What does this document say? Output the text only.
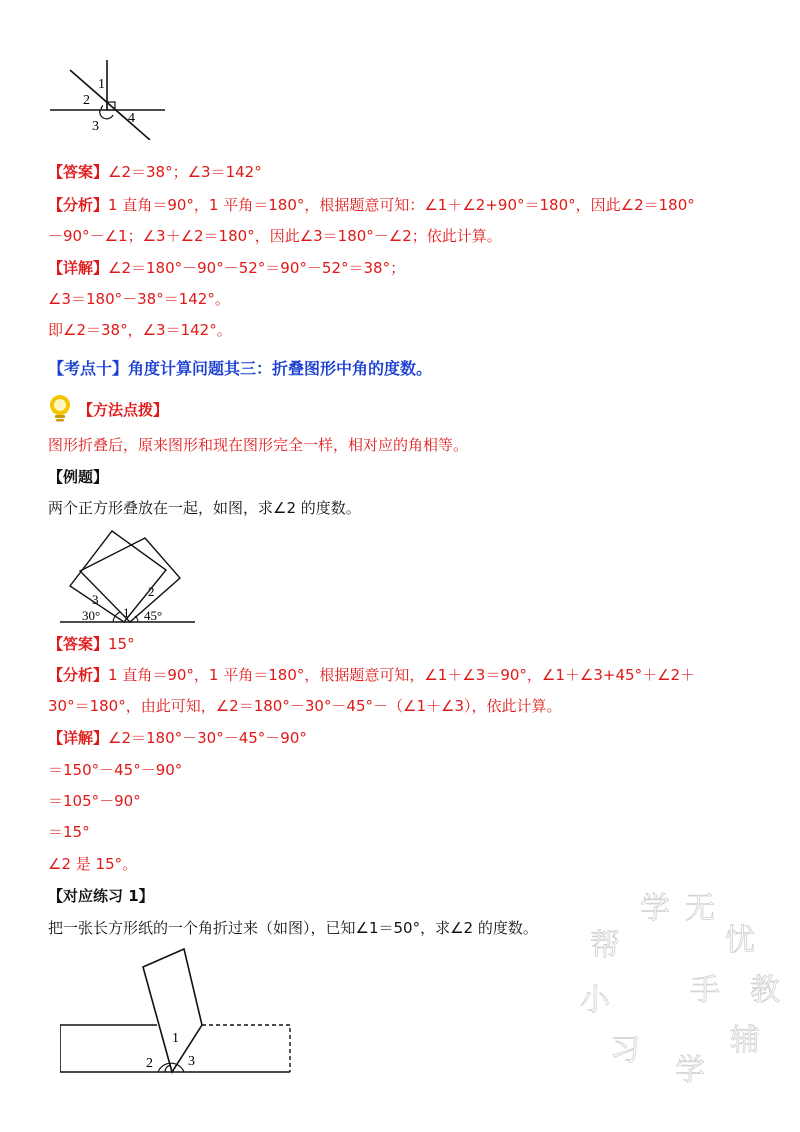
1
2
3
4
【答案】∠2＝38°；∠3＝142°
【分析】1 直角＝90°，1 平角＝180°，根据题意可知：∠1＋∠2+90°＝180°，因此∠2＝180°
－90°－∠1；∠3＋∠2＝180°，因此∠3＝180°－∠2；依此计算。
【详解】∠2＝180°－90°－52°＝90°－52°＝38°；
∠3＝180°－38°＝142°。
即∠2＝38°，∠3＝142°。
【考点十】角度计算问题其三：折叠图形中角的度数。
【方法点拨】
图形折叠后，原来图形和现在图形完全一样，相对应的角相等。
【例题】
两个正方形叠放在一起，如图，求∠2 的度数。
3
2
1
30°	45°
【答案】15°
【分析】1 直角＝90°，1 平角＝180°，根据题意可知，∠1＋∠3＝90°，∠1＋∠3+45°＋∠2＋
30°＝180°，由此可知，∠2＝180°－30°－45°－（∠1＋∠3），依此计算。
【详解】∠2＝180°－30°－45°－90°
＝150°－45°－90°
＝105°－90°
＝15°
∠2 是 15°。
【对应练习 1】
把一张长方形纸的一个角折过来（如图），已知∠1＝50°，求∠2 的度数。
1
2	3
学 无
忧
教
辅
学
习
小
帮
手
